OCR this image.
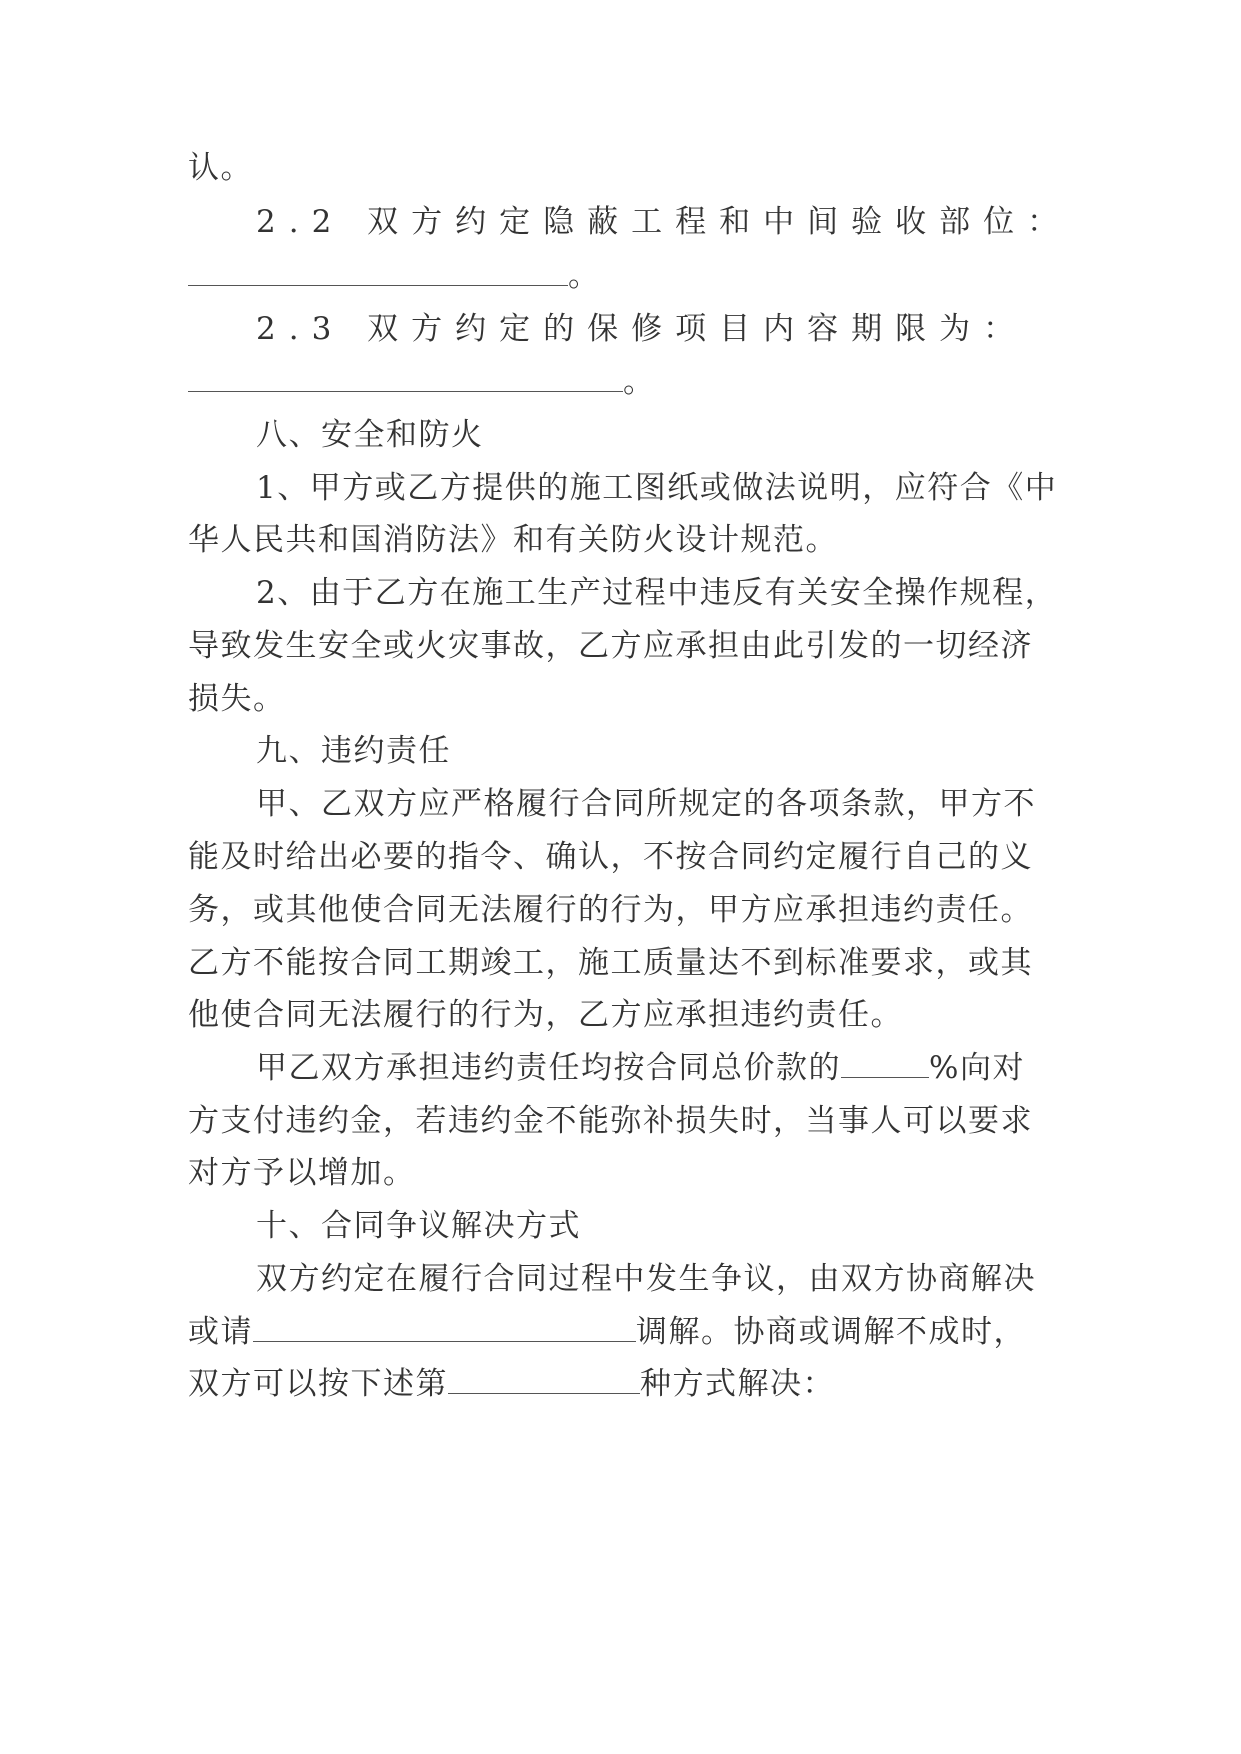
认。

2.2 双方约定隐蔽工程和中间验收部位：

。

2.3 双方约定的保修项目内容期限为：

。

八、安全和防火

1、甲方或乙方提供的施工图纸或做法说明，应符合《中

华人民共和国消防法》和有关防火设计规范。

2、由于乙方在施工生产过程中违反有关安全操作规程，

导致发生安全或火灾事故，乙方应承担由此引发的一切经济

损失。

九、违约责任

甲、乙双方应严格履行合同所规定的各项条款，甲方不

能及时给出必要的指令、确认，不按合同约定履行自己的义

务，或其他使合同无法履行的行为，甲方应承担违约责任。

乙方不能按合同工期竣工，施工质量达不到标准要求，或其

他使合同无法履行的行为，乙方应承担违约责任。

甲乙双方承担违约责任均按合同总价款的	%向对

方支付违约金，若违约金不能弥补损失时，当事人可以要求

对方予以增加。

十、合同争议解决方式

双方约定在履行合同过程中发生争议，由双方协商解决

或请	调解。协商或调解不成时，

双方可以按下述第	种方式解决：
